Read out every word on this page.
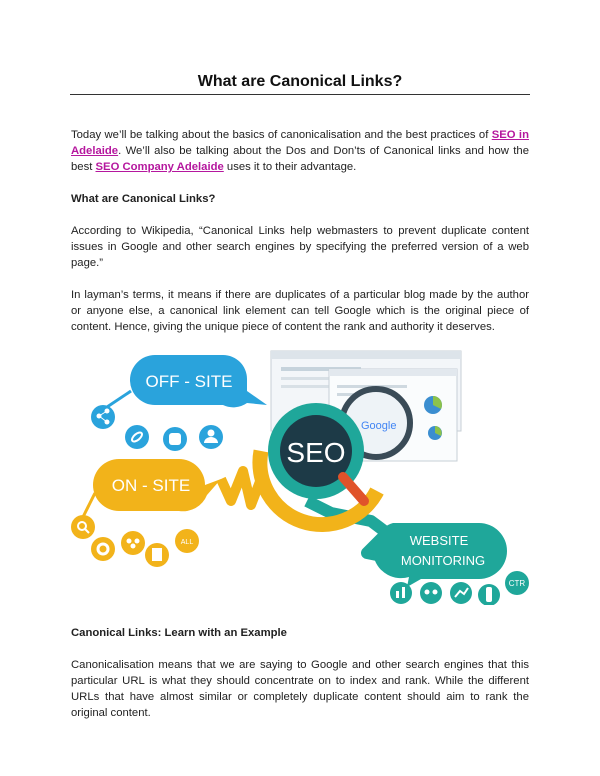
What are Canonical Links?

Today we’ll be talking about the basics of canonicalisation and the best practices of SEO in Adelaide. We’ll also be talking about the Dos and Don’ts of Canonical links and how the best SEO Company Adelaide uses it to their advantage.

What are Canonical Links?

According to Wikipedia, “Canonical Links help webmasters to prevent duplicate content issues in Google and other search engines by specifying the preferred version of a web page.”

In layman’s terms, it means if there are duplicates of a particular blog made by the author or anyone else, a canonical link element can tell Google which is the original piece of content. Hence, giving the unique piece of content the rank and authority it deserves.

Google
SEO
OFF - SITE
ON - SITE
ALL	WEBSITE
MONITORING
CTR
Canonical Links: Learn with an Example

Canonicalisation means that we are saying to Google and other search engines that this particular URL is what they should concentrate on to index and rank. While the different URLs that have almost similar or completely duplicate content should aim to rank the original content.
